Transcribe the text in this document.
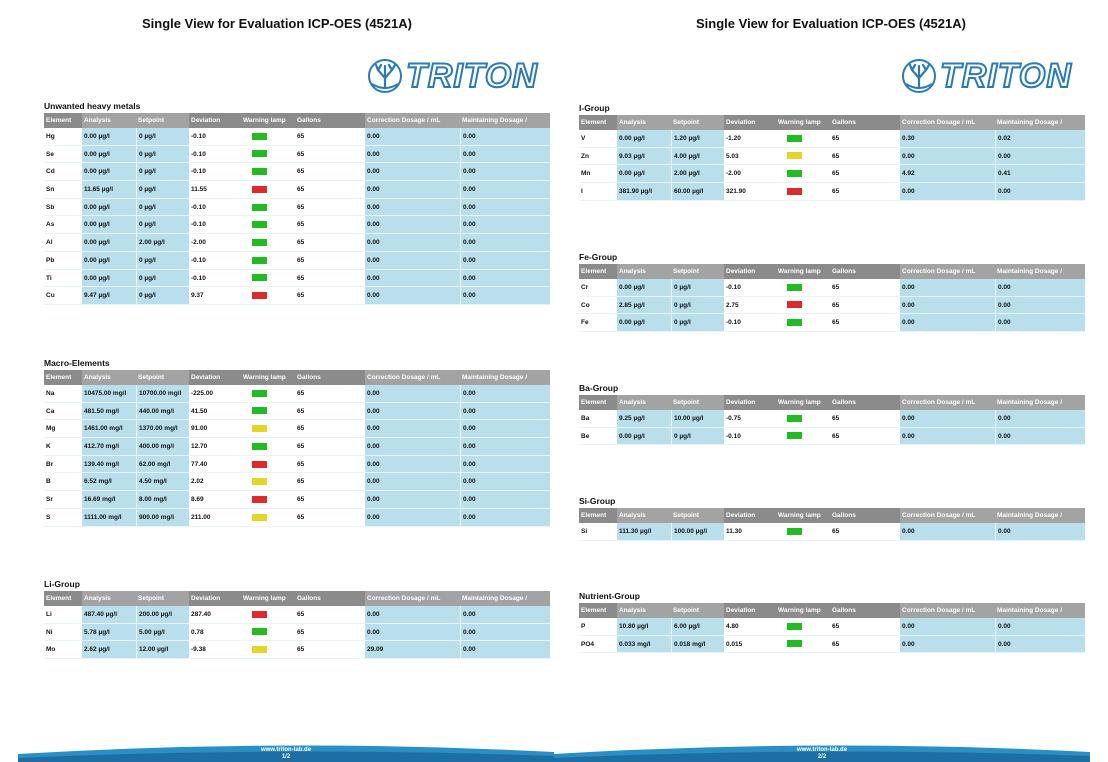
Single View for Evaluation ICP-OES (4521A)
TRITON
Unwanted heavy metals
Element	Analysis	Setpoint	Deviation	Warning lamp	Gallons	Correction Dosage / mL	Maintaining Dosage /
Hg	0.00 µg/l	0 µg/l	-0.10	65	0.00	0.00
Se	0.00 µg/l	0 µg/l	-0.10	65	0.00	0.00
Cd	0.00 µg/l	0 µg/l	-0.10	65	0.00	0.00
Sn	11.65 µg/l	0 µg/l	11.55	65	0.00	0.00
Sb	0.00 µg/l	0 µg/l	-0.10	65	0.00	0.00
As	0.00 µg/l	0 µg/l	-0.10	65	0.00	0.00
Al	0.00 µg/l	2.00 µg/l	-2.00	65	0.00	0.00
Pb	0.00 µg/l	0 µg/l	-0.10	65	0.00	0.00
Ti	0.00 µg/l	0 µg/l	-0.10	65	0.00	0.00
Cu	9.47 µg/l	0 µg/l	9.37	65	0.00	0.00
Macro-Elements
Element	Analysis	Setpoint	Deviation	Warning lamp	Gallons	Correction Dosage / mL	Maintaining Dosage /
Na	10475.00 mg/l	10700.00 mg/l	-225.00	65	0.00	0.00
Ca	481.50 mg/l	440.00 mg/l	41.50	65	0.00	0.00
Mg	1461.00 mg/l	1370.00 mg/l	91.00	65	0.00	0.00
K	412.70 mg/l	400.00 mg/l	12.70	65	0.00	0.00
Br	139.40 mg/l	62.00 mg/l	77.40	65	0.00	0.00
B	6.52 mg/l	4.50 mg/l	2.02	65	0.00	0.00
Sr	16.69 mg/l	8.00 mg/l	8.69	65	0.00	0.00
S	1111.00 mg/l	900.00 mg/l	211.00	65	0.00	0.00
Li-Group
Element	Analysis	Setpoint	Deviation	Warning lamp	Gallons	Correction Dosage / mL	Maintaining Dosage /
Li	487.40 µg/l	200.00 µg/l	287.40	65	0.00	0.00
Ni	5.78 µg/l	5.00 µg/l	0.78	65	0.00	0.00
Mo	2.62 µg/l	12.00 µg/l	-9.38	65	29.09	0.00
www.triton-lab.de
1/2
Single View for Evaluation ICP-OES (4521A)
TRITON
I-Group
Element	Analysis	Setpoint	Deviation	Warning lamp	Gallons	Correction Dosage / mL	Maintaining Dosage /
V	0.00 µg/l	1.20 µg/l	-1.20	65	0.30	0.02
Zn	9.03 µg/l	4.00 µg/l	5.03	65	0.00	0.00
Mn	0.00 µg/l	2.00 µg/l	-2.00	65	4.92	0.41
I	381.90 µg/l	60.00 µg/l	321.90	65	0.00	0.00
Fe-Group
Element	Analysis	Setpoint	Deviation	Warning lamp	Gallons	Correction Dosage / mL	Maintaining Dosage /
Cr	0.00 µg/l	0 µg/l	-0.10	65	0.00	0.00
Co	2.85 µg/l	0 µg/l	2.75	65	0.00	0.00
Fe	0.00 µg/l	0 µg/l	-0.10	65	0.00	0.00
Ba-Group
Element	Analysis	Setpoint	Deviation	Warning lamp	Gallons	Correction Dosage / mL	Maintaining Dosage /
Ba	9.25 µg/l	10.00 µg/l	-0.75	65	0.00	0.00
Be	0.00 µg/l	0 µg/l	-0.10	65	0.00	0.00
Si-Group
Element	Analysis	Setpoint	Deviation	Warning lamp	Gallons	Correction Dosage / mL	Maintaining Dosage /
Si	111.30 µg/l	100.00 µg/l	11.30	65	0.00	0.00
Nutrient-Group
Element	Analysis	Setpoint	Deviation	Warning lamp	Gallons	Correction Dosage / mL	Maintaining Dosage /
P	10.80 µg/l	6.00 µg/l	4.80	65	0.00	0.00
PO4	0.033 mg/l	0.018 mg/l	0.015	65	0.00	0.00
www.triton-lab.de
2/2
